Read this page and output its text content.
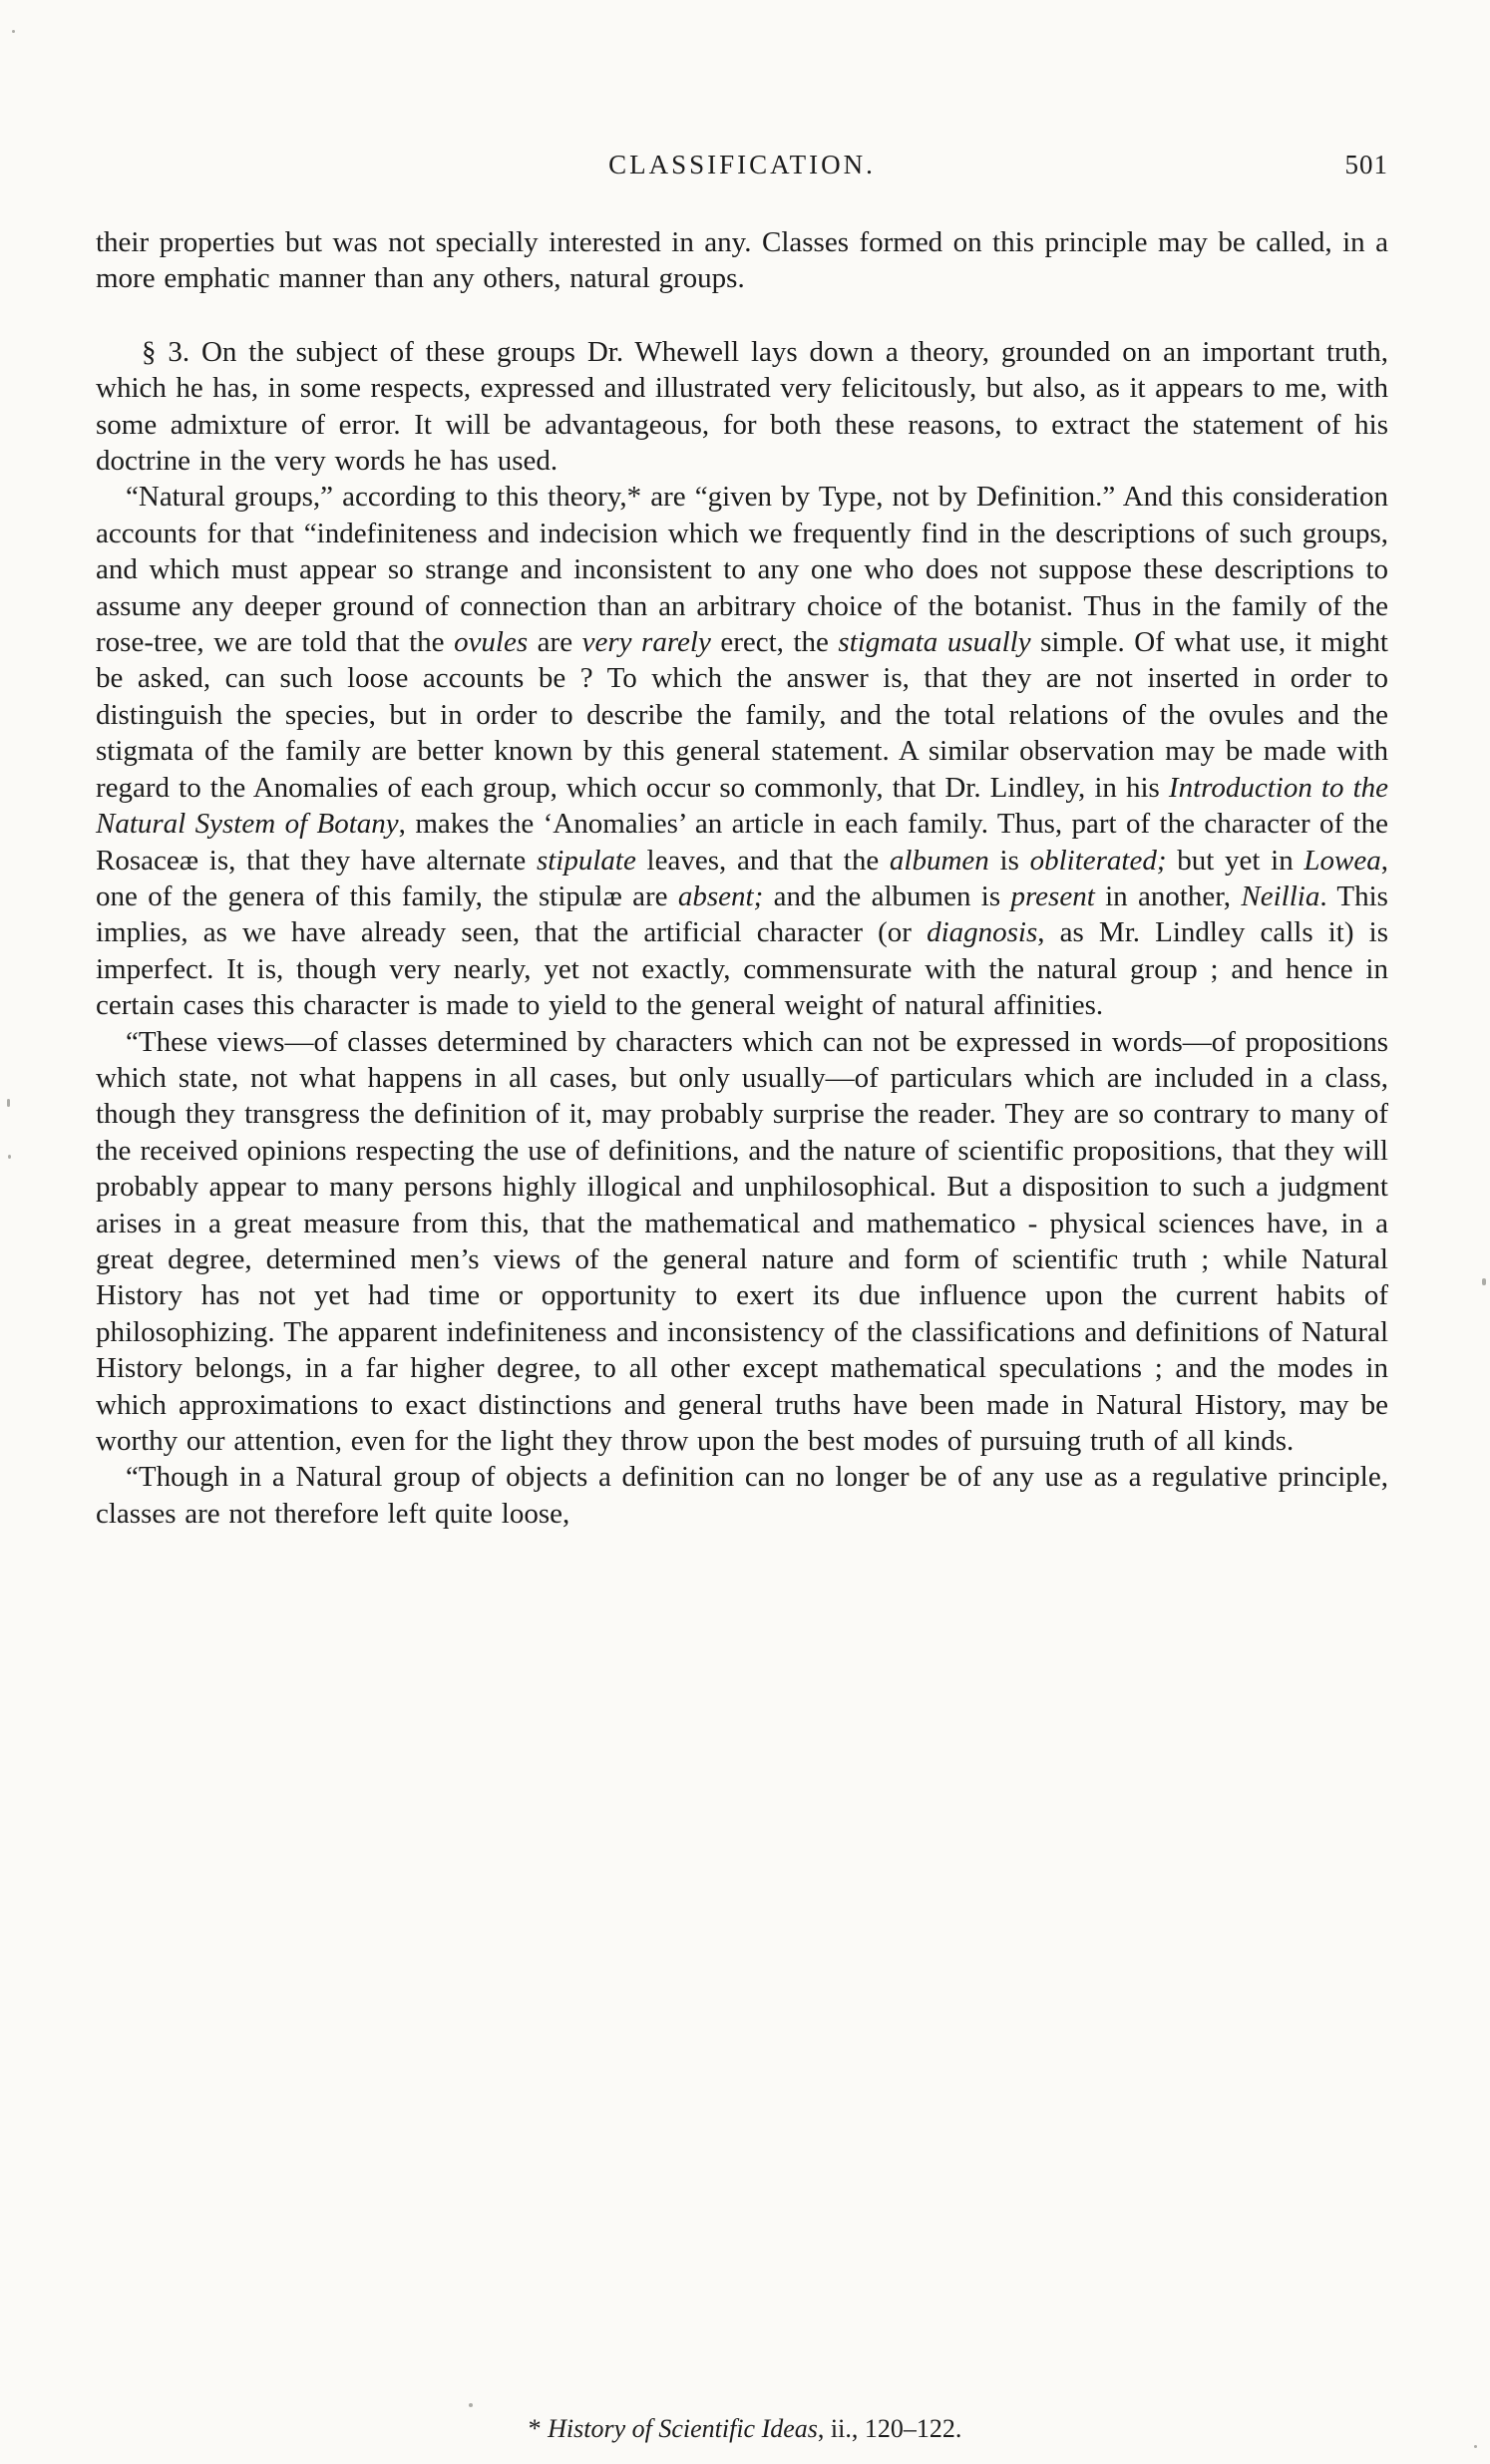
CLASSIFICATION.	501

their properties but was not specially interested in any. Classes formed on this principle may be called, in a more emphatic manner than any others, natural groups.

§ 3. On the subject of these groups Dr. Whewell lays down a theory, grounded on an important truth, which he has, in some respects, expressed and illustrated very felicitously, but also, as it appears to me, with some admixture of error. It will be advantageous, for both these reasons, to extract the statement of his doctrine in the very words he has used.

“Natural groups,” according to this theory,* are “given by Type, not by Definition.” And this consideration accounts for that “indefiniteness and indecision which we frequently find in the descriptions of such groups, and which must appear so strange and inconsistent to any one who does not suppose these descriptions to assume any deeper ground of connection than an arbitrary choice of the botanist. Thus in the family of the rose-tree, we are told that the ovules are very rarely erect, the stigmata usually simple. Of what use, it might be asked, can such loose accounts be ? To which the answer is, that they are not inserted in order to distinguish the species, but in order to describe the family, and the total relations of the ovules and the stigmata of the family are better known by this general statement. A similar observation may be made with regard to the Anomalies of each group, which occur so commonly, that Dr. Lindley, in his Introduction to the Natural System of Botany, makes the ‘Anomalies’ an article in each family. Thus, part of the character of the Rosaceæ is, that they have alternate stipulate leaves, and that the albumen is obliterated; but yet in Lowea, one of the genera of this family, the stipulæ are absent; and the albumen is present in another, Neillia. This implies, as we have already seen, that the artificial character (or diagnosis, as Mr. Lindley calls it) is imperfect. It is, though very nearly, yet not exactly, commensurate with the natural group ; and hence in certain cases this character is made to yield to the general weight of natural affinities.

“These views—of classes determined by characters which can not be expressed in words—of propositions which state, not what happens in all cases, but only usually—of particulars which are included in a class, though they transgress the definition of it, may probably surprise the reader. They are so contrary to many of the received opinions respecting the use of definitions, and the nature of scientific propositions, that they will probably appear to many persons highly illogical and unphilosophical. But a disposition to such a judgment arises in a great measure from this, that the mathematical and mathematico - physical sciences have, in a great degree, determined men’s views of the general nature and form of scientific truth ; while Natural History has not yet had time or opportunity to exert its due influence upon the current habits of philosophizing. The apparent indefiniteness and inconsistency of the classifications and definitions of Natural History belongs, in a far higher degree, to all other except mathematical speculations ; and the modes in which approximations to exact distinctions and general truths have been made in Natural History, may be worthy our attention, even for the light they throw upon the best modes of pursuing truth of all kinds.

“Though in a Natural group of objects a definition can no longer be of any use as a regulative principle, classes are not therefore left quite loose,

* History of Scientific Ideas, ii., 120–122.
